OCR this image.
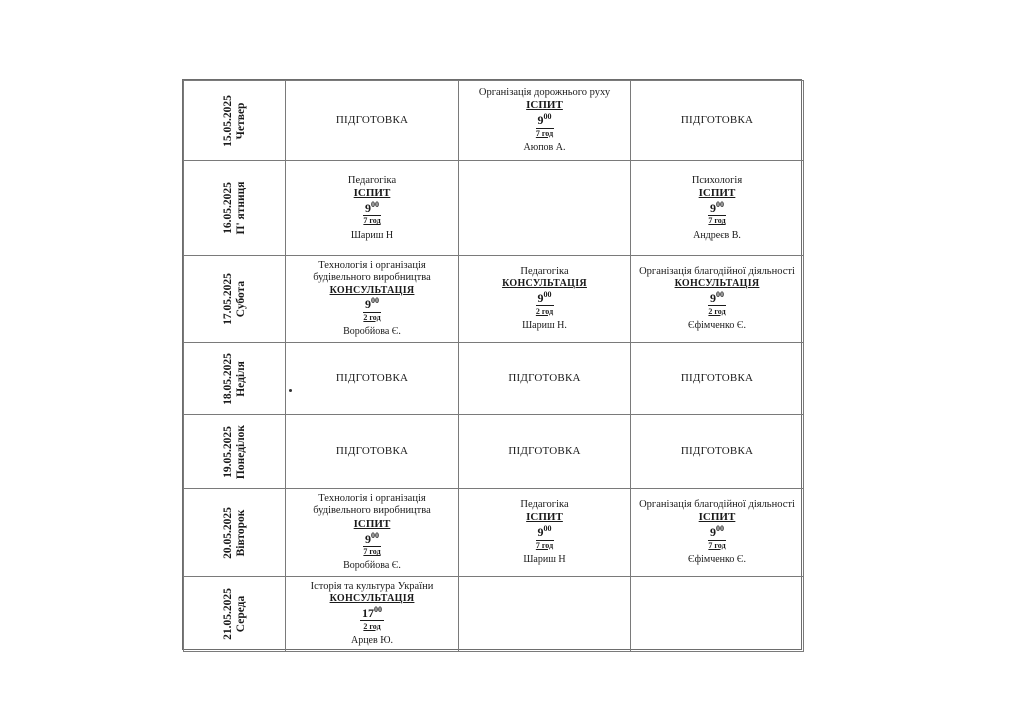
15.05.2025 Четвер	ПІДГОТОВКА	Організація дорожнього руху
ІСПИТ
$9^{00}$
7 год
Аюпов А.	ПІДГОТОВКА

16.05.2025 П' ятниця	Педагогіка
ІСПИТ
$9^{00}$
7 год
Шариш Н		Психологія
ІСПИТ
$9^{00}$
7 год
Андреєв В.

17.05.2025 Субота	Технологія і організація будівельного виробництва
КОНСУЛЬТАЦІЯ
$9^{00}$
2 год
Воробйова Є.	Педагогіка
КОНСУЛЬТАЦІЯ
$9^{00}$
2 год
Шариш Н.	Організація благодійної діяльності
КОНСУЛЬТАЦІЯ
$9^{00}$
2 год
Єфімченко Є.

18.05.2025 Неділя	ПІДГОТОВКА	ПІДГОТОВКА	ПІДГОТОВКА

19.05.2025 Понеділок	ПІДГОТОВКА	ПІДГОТОВКА	ПІДГОТОВКА

20.05.2025 Вівторок	Технологія і організація будівельного виробництва
ІСПИТ
$9^{00}$
7 год
Воробйова Є.	Педагогіка
ІСПИТ
$9^{00}$
7 год
Шариш Н	Організація благодійної діяльності
ІСПИТ
$9^{00}$
7 год
Єфімченко Є.

21.05.2025 Середа	Історія та культура України
КОНСУЛЬТАЦІЯ
$17^{00}$
2 год
Арцев Ю.		
